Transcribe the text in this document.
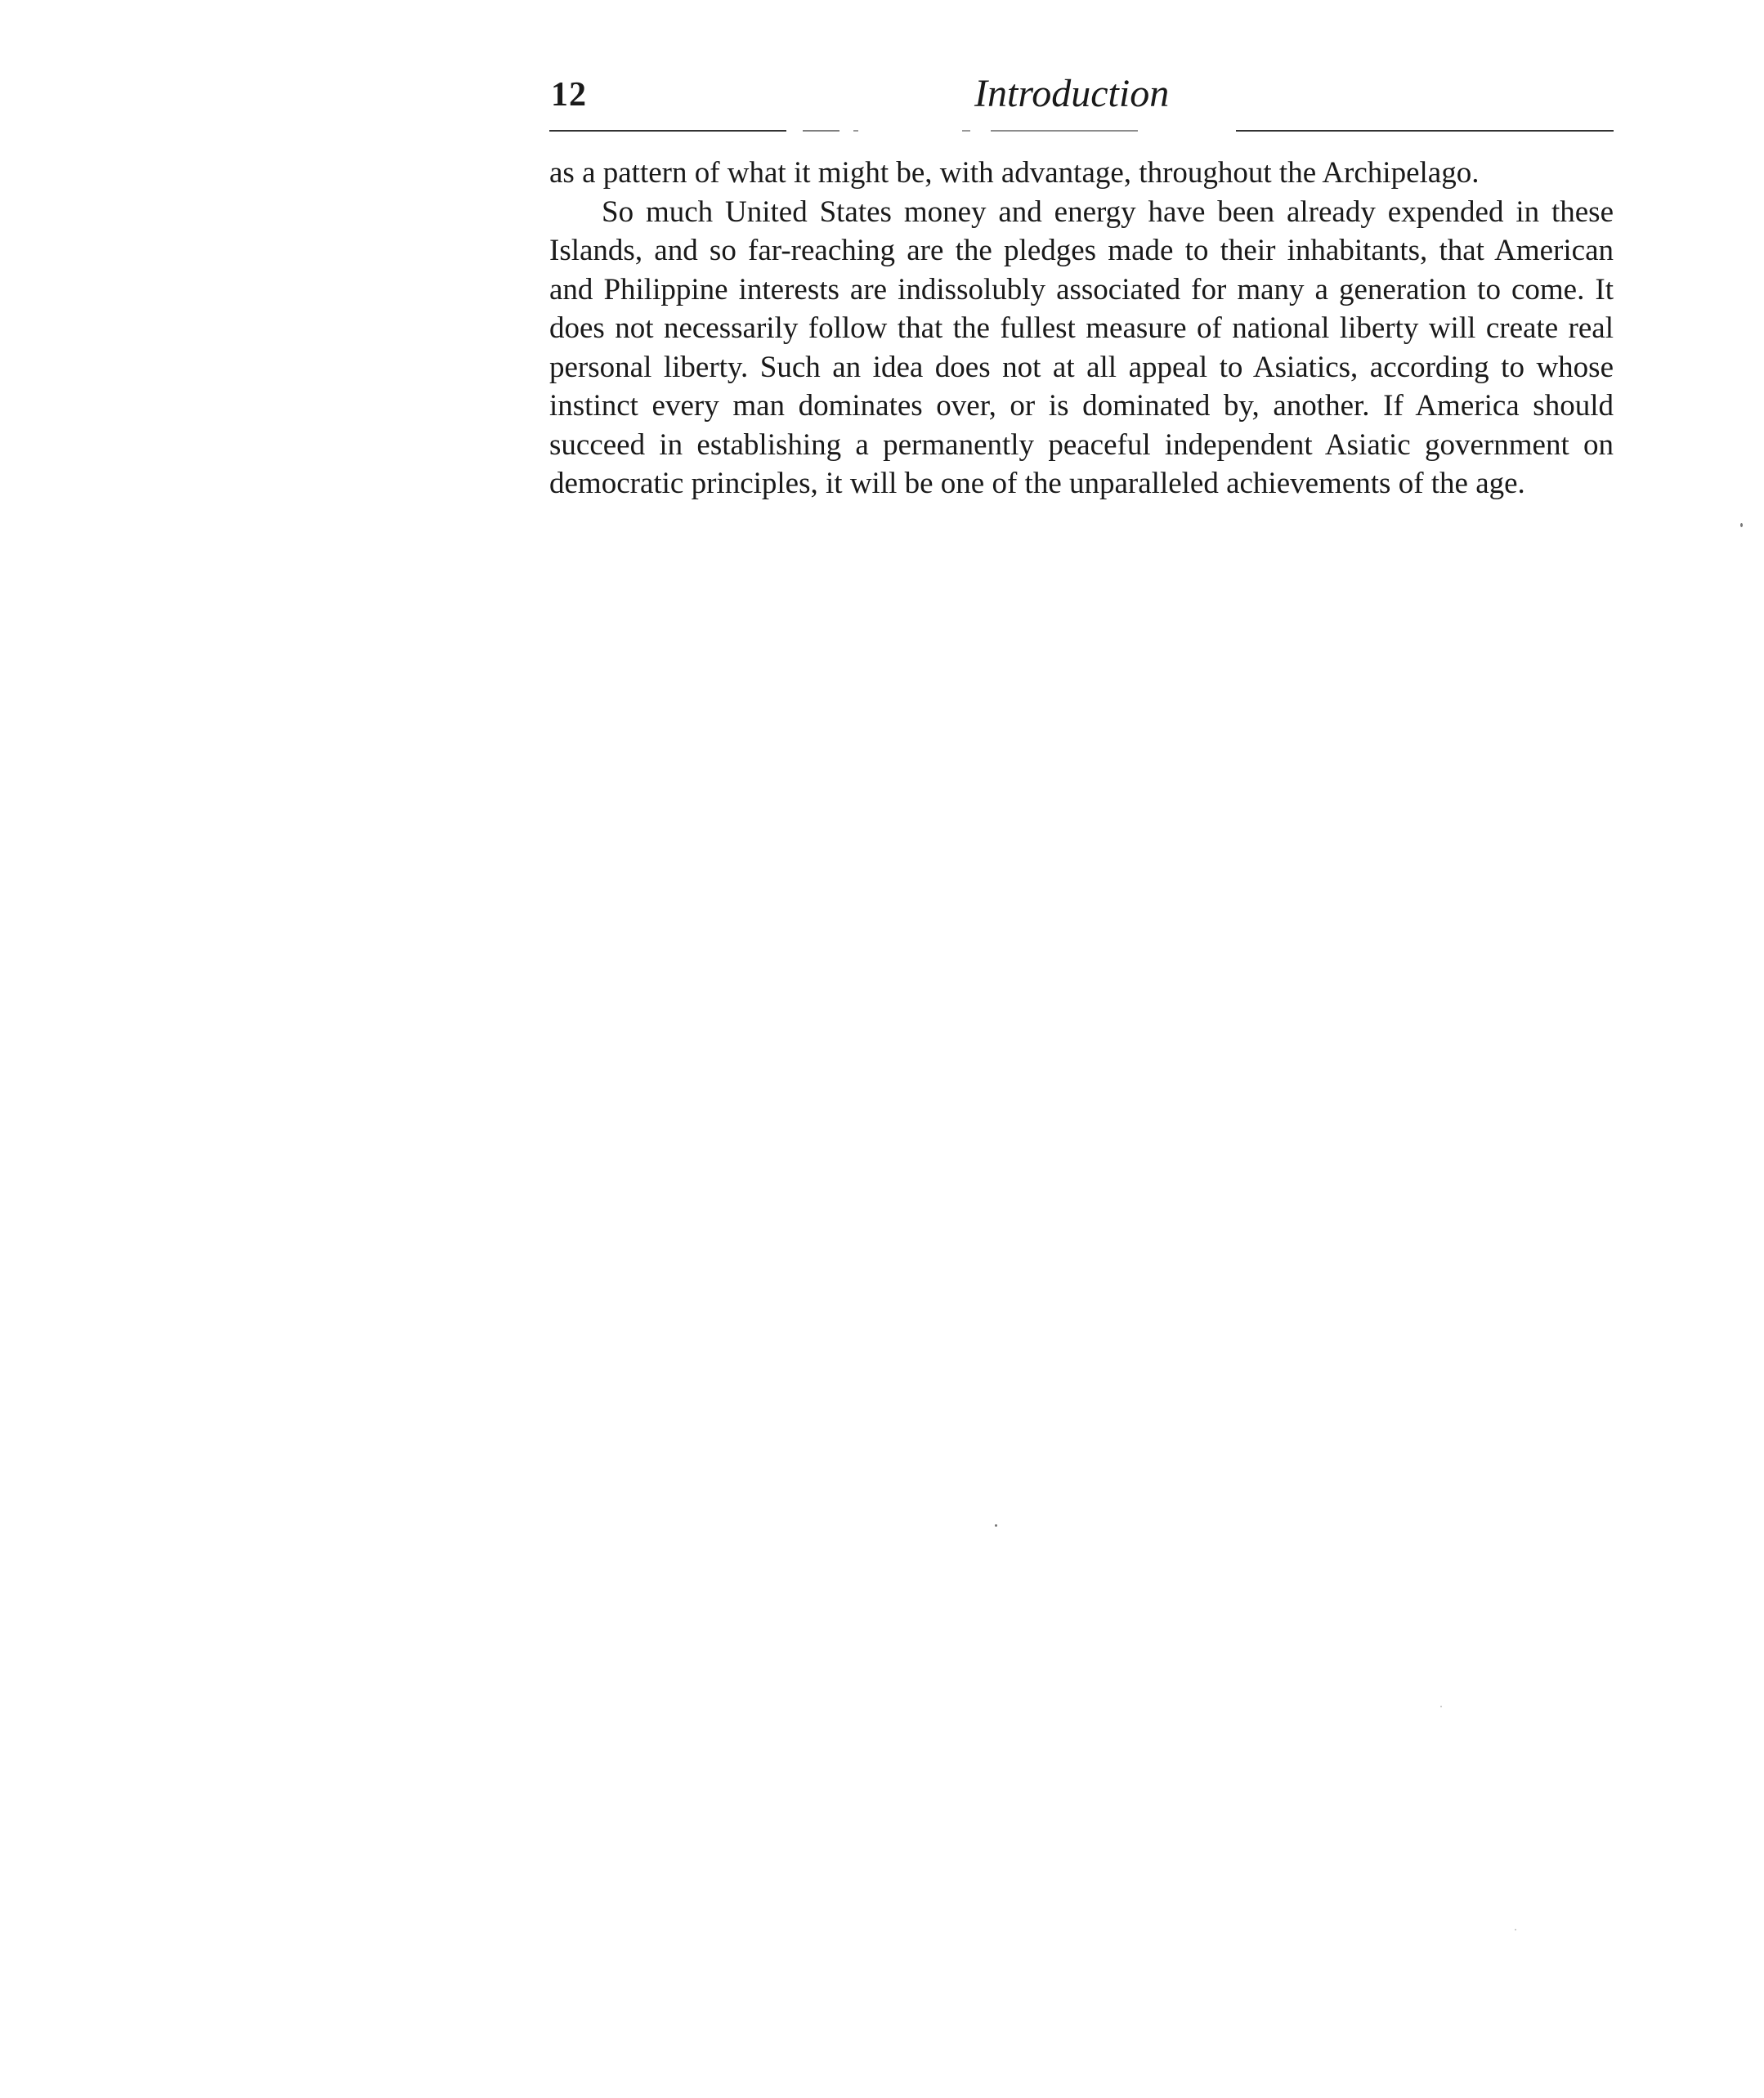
12	Introduction

as a pattern of what it might be, with advantage, throughout the Archipelago.

So much United States money and energy have been already expended in these Islands, and so far-reaching are the pledges made to their inhabitants, that American and Philippine interests are indissolubly associated for many a generation to come. It does not necessarily follow that the fullest measure of national liberty will create real personal liberty. Such an idea does not at all appeal to Asiatics, according to whose instinct every man dominates over, or is dominated by, another. If America should succeed in establishing a permanently peaceful independent Asiatic government on democratic principles, it will be one of the unparalleled achievements of the age.
